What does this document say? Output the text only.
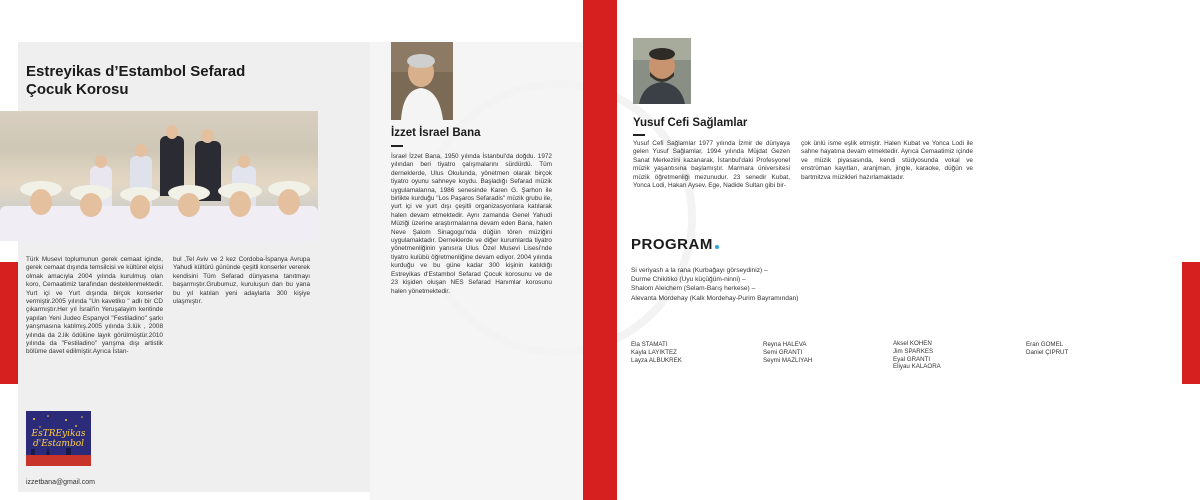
Estreyikas d’Estambol Sefarad
Çocuk Korosu
Türk Musevi toplumunun gerek cemaat içinde, gerek cemaat dışında temsilcisi ve kültürel elçisi olmak amacıyla 2004 yılında kurulmuş olan koro, Cemaatimiz tarafından desteklenmektedir. Yurt içi ve Yurt dışında birçok konserler vermiştir.2005 yılında "Un kavetiko " adlı bir CD çıkarmıştır.Her yıl İsrail'in Yeruşalayim kentinde yapılan Yeni Judeo Espanyol "Festiladino" şarkı yarışmasına katılmış.2005 yılında 3.lük , 2008 yılında da 2.lik ödülüne layık görülmüştür.2010 yılında da "Festiladino" yarışma dışı artistik bölüme davet edilmiştir.Ayrıca İstan-
bul ,Tel Aviv ve 2 kez Cordoba-İspanya Avrupa Yahudi kültürü gününde çeşitli konserler vererek kendisini Tüm Sefarad dünyasına tanıtmayı başarmıştır.Grubumuz, kuruluşun dan bu yana bu yıl katılan yeni adaylarla 300 kişiye ulaşmıştır.
EsTREyikas
d'Estambol
izzetbana@gmail.com
İzzet İsrael Bana
İsrael İzzet Bana, 1950 yılında İstanbul'da doğdu. 1972 yılından beri tiyatro çalışmalarını sürdürdü. Tüm derneklerde, Ulus Okulunda, yönetmen olarak birçok tiyatro oyunu sahneye koydu. Başladığı Sefarad müzik uygulamalarına, 1986 senesinde Karen G. Şarhon ile birlikte kurduğu "Los Paşaros Sefaradis" müzik grubu ile, yurt içi ve yurt dışı çeşitli organizasyonlara katılarak halen devam etmektedir. Aynı zamanda Genel Yahudi Müziği üzerine araştırmalarına devam eden Bana, halen Neve Şalom Sinagogu'nda düğün tören müziğini uygulamaktadır. Derneklerde ve diğer kurumlarda tiyatro yönetmenliğinin yanısıra Ulus Özel Musevi Lisesi'nde tiyatro kulübü öğretmenliğine devam ediyor. 2004 yılında kurduğu ve bu güne kadar 300 kişinin katıldığı Estreyikas d'Estambol Sefarad Çocuk korosunu ve de 23 kişiden oluşan NES Sefarad Hanımlar korosunu halen yönetmektedir.
Yusuf Cefi Sağlamlar
Yusuf Cefi Sağlamlar 1977 yılında İzmir de dünyaya gelen Yusuf Sağlamlar, 1994 yılında Müjdat Gezen Sanat Merkezini kazanarak, İstanbul'daki Profesyonel müzik yaşantısına başlamıştır. Marmara üniversitesi müzik öğretmenliği mezunudur. 23 senedir Kubat, Yonca Lodi, Hakan Aysev, Ege, Nadide Sultan gibi bir-
çok ünlü isme eşlik etmiştir. Halen Kubat ve Yonca Lodi ile sahne hayatına devam etmektedir. Ayrıca Cemaatimiz içinde ve müzik piyasasında, kendi stüdyosunda vokal ve enstrüman kayıtları, aranjman, jingle, karaoke, düğün ve bartmitzva müzikleri hazırlamaktadır.
PROGRAM
Si veriyash a la rana (Kurbağayı görseydiniz) –
Durme Chikitiko (Uyu küçüğüm-ninni) –
Shalom Aleichem (Selam-Barış herkese) –
Alevanta Mordehay (Kalk Mordehay-Purim Bayramından)
Ela STAMATI
Kayla LAYIKTEZ
Layza ALBUKREK
Reyna HALEVA
Semi GRANTI
Seymi MAZLIYAH
Aksel KOHEN
Jim SPARKES
Eyal GRANTI
Eliyau KALAORA
Eran GOMEL
Daniel ÇIPRUT
